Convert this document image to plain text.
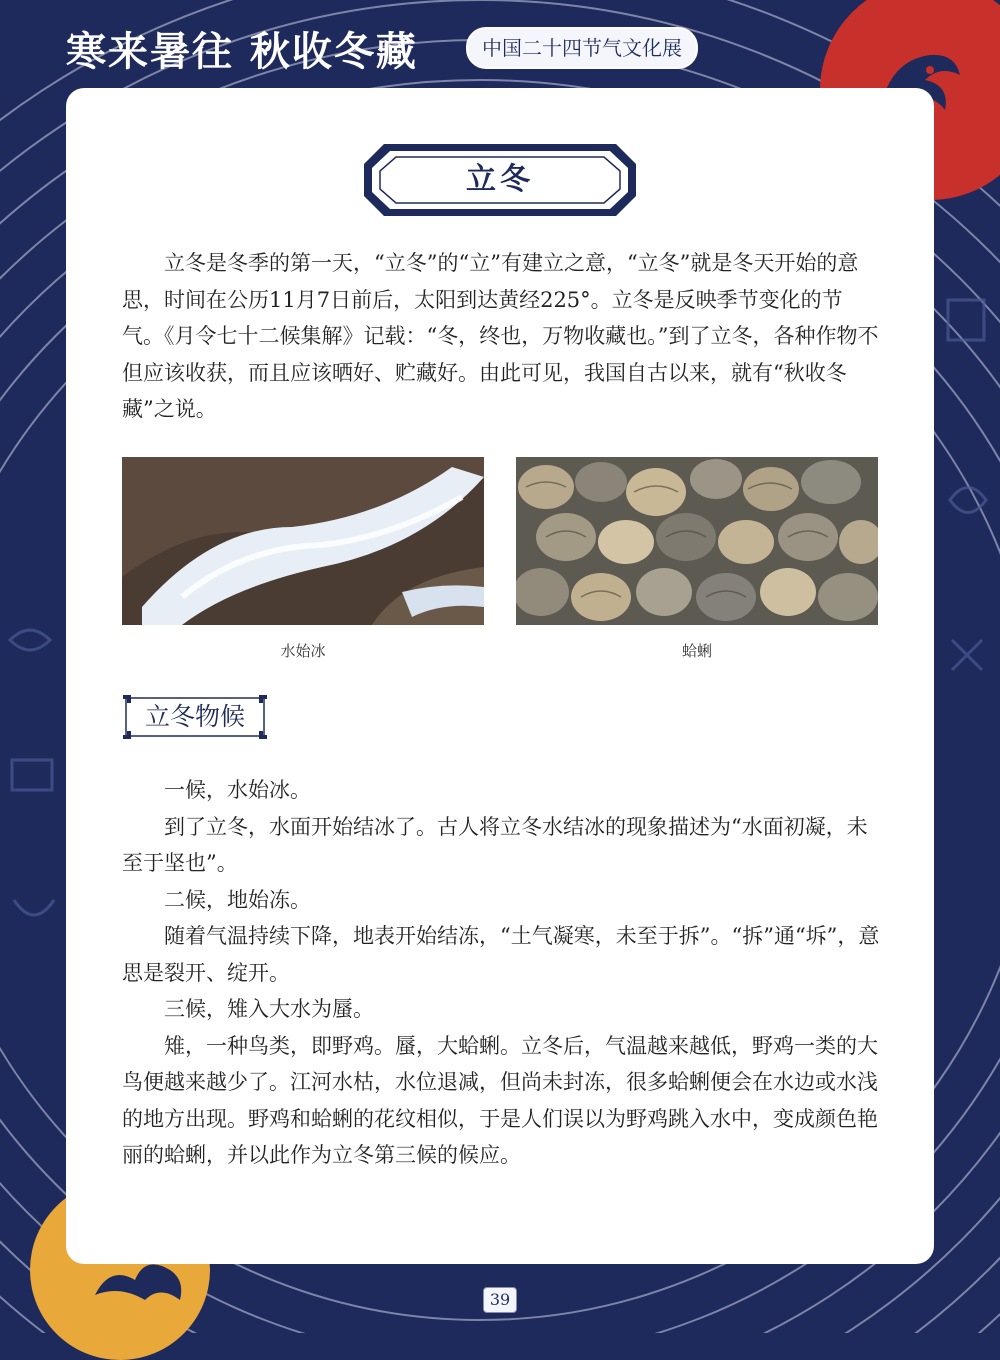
寒来暑往 秋收冬藏	中国二十四节气文化展
立冬

立冬是冬季的第一天，“立冬”的“立”有建立之意，“立冬”就是冬天开始的意思，时间在公历11月7日前后，太阳到达黄经225°。立冬是反映季节变化的节气。《月令七十二候集解》记载：“冬，终也，万物收藏也。”到了立冬，各种作物不但应该收获，而且应该晒好、贮藏好。由此可见，我国自古以来，就有“秋收冬藏”之说。

水始冰	蛤蜊
立冬物候

一候，水始冰。

到了立冬，水面开始结冰了。古人将立冬水结冰的现象描述为“水面初凝，未至于坚也”。

二候，地始冻。

随着气温持续下降，地表开始结冻，“土气凝寒，未至于拆”。“拆”通“坼”，意思是裂开、绽开。

三候，雉入大水为蜃。

雉，一种鸟类，即野鸡。蜃，大蛤蜊。立冬后，气温越来越低，野鸡一类的大鸟便越来越少了。江河水枯，水位退减，但尚未封冻，很多蛤蜊便会在水边或水浅的地方出现。野鸡和蛤蜊的花纹相似，于是人们误以为野鸡跳入水中，变成颜色艳丽的蛤蜊，并以此作为立冬第三候的候应。

39
